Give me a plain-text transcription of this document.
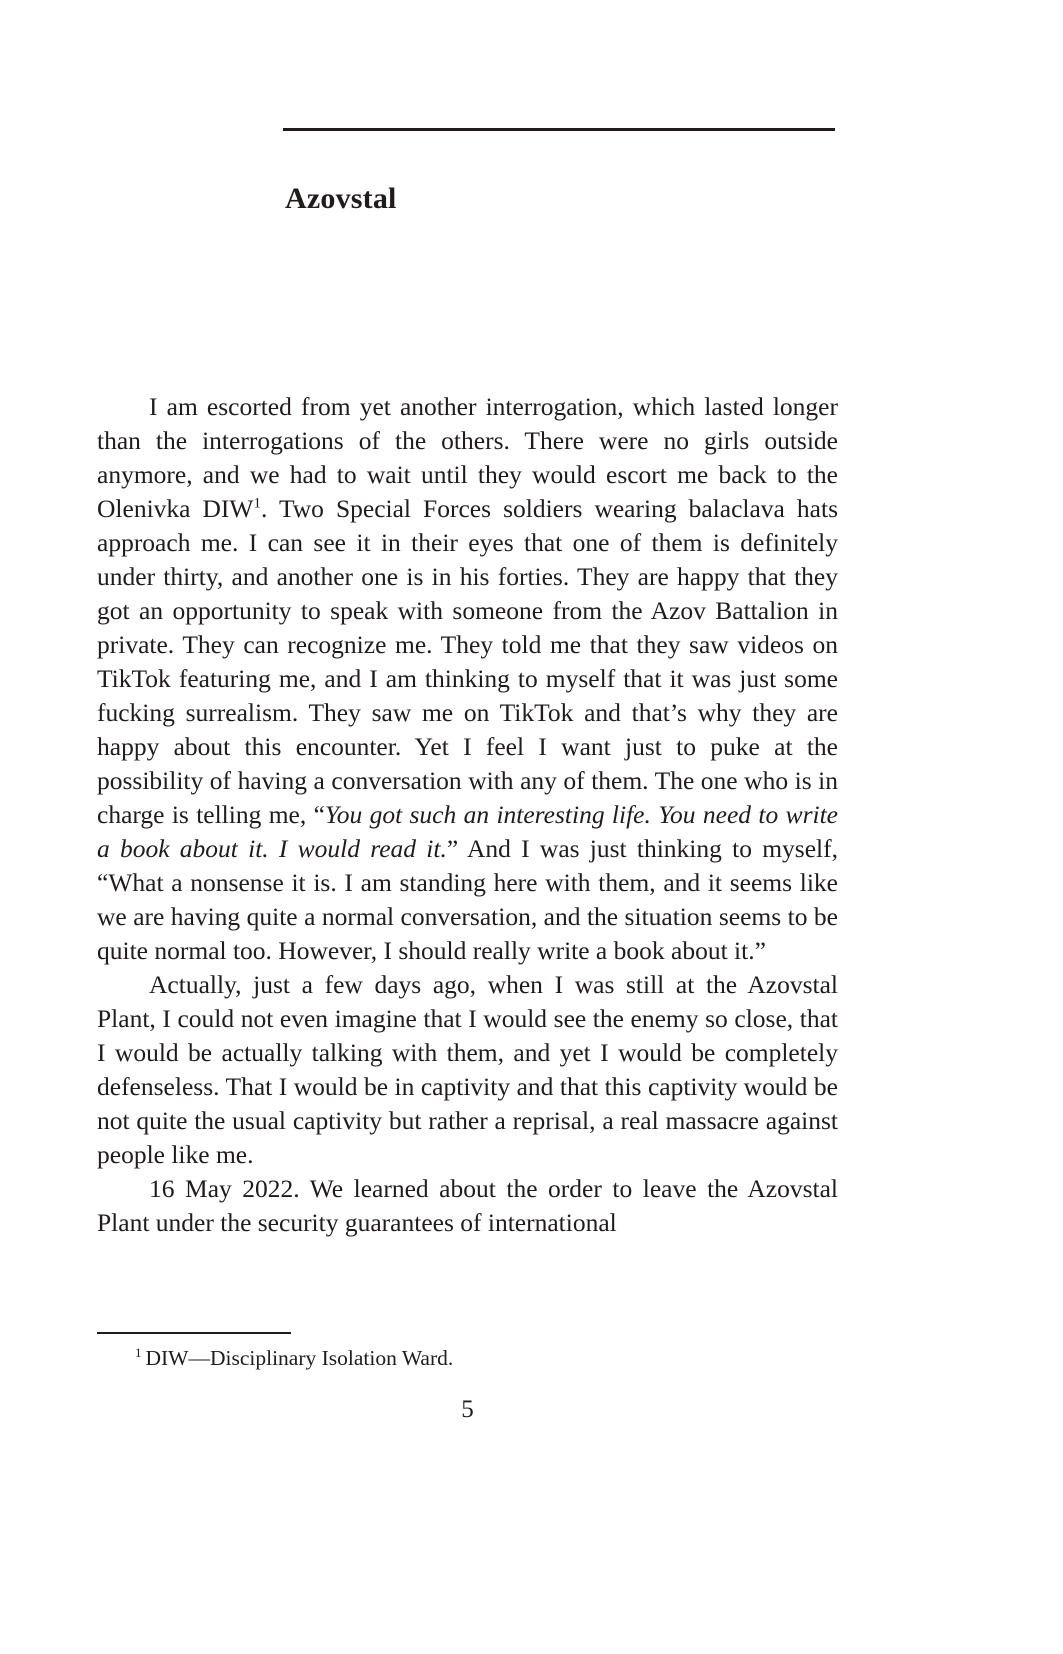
Azovstal

I am escorted from yet another interrogation, which lasted longer than the interrogations of the others. There were no girls outside anymore, and we had to wait until they would escort me back to the Olenivka DIW$^1$. Two Special Forces soldiers wearing balaclava hats approach me. I can see it in their eyes that one of them is definitely under thirty, and another one is in his forties. They are happy that they got an opportunity to speak with someone from the Azov Battalion in private. They can recognize me. They told me that they saw videos on TikTok featuring me, and I am thinking to myself that it was just some fucking surrealism. They saw me on TikTok and that’s why they are happy about this encounter. Yet I feel I want just to puke at the possibility of having a conversation with any of them. The one who is in charge is telling me, “You got such an interesting life. You need to write a book about it. I would read it.” And I was just thinking to myself, “What a nonsense it is. I am standing here with them, and it seems like we are having quite a normal conversation, and the situation seems to be quite normal too. However, I should really write a book about it.”

Actually, just a few days ago, when I was still at the Azovstal Plant, I could not even imagine that I would see the enemy so close, that I would be actually talking with them, and yet I would be completely defenseless. That I would be in captivity and that this captivity would be not quite the usual captivity but rather a reprisal, a real massacre against people like me.

16 May 2022. We learned about the order to leave the Azovstal Plant under the security guarantees of international

$^1$ DIW—Disciplinary Isolation Ward.
5
